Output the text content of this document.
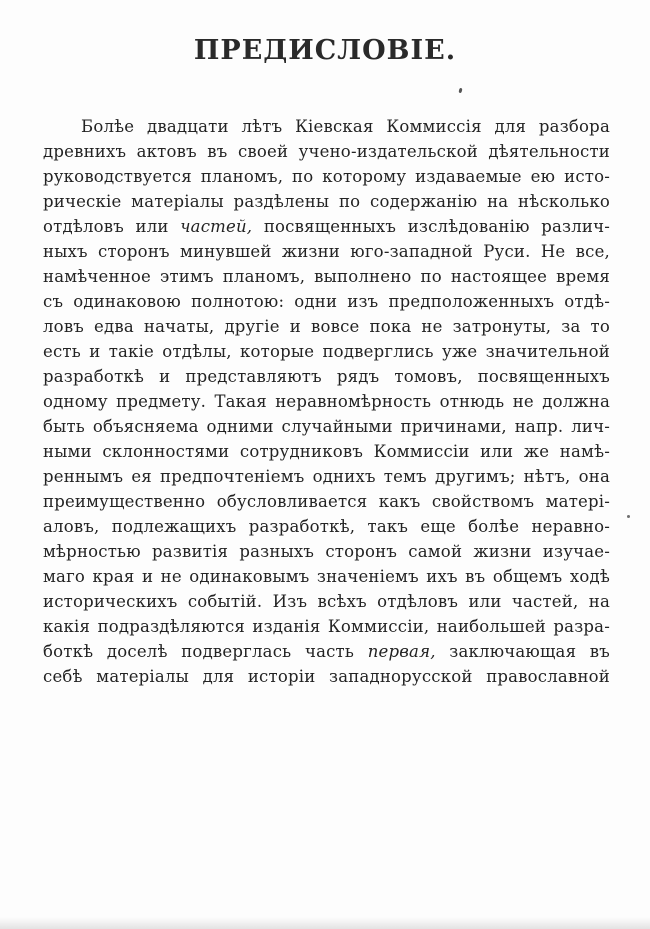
ПРЕДИСЛОВІЕ.
Болѣе двадцати лѣтъ Кіевская Коммиссія для разбора
древнихъ актовъ въ своей учено-издательской дѣятельности
руководствуется планомъ, по которому издаваемые ею исто-
рическіе матеріалы раздѣлены по содержанію на нѣсколько
отдѣловъ или частей, посвященныхъ изслѣдованію различ-
ныхъ сторонъ минувшей жизни юго-западной Руси. Не все,
намѣченное этимъ планомъ, выполнено по настоящее время
съ одинаковою полнотою: одни изъ предположенныхъ отдѣ-
ловъ едва начаты, другіе и вовсе пока не затронуты, за то
есть и такіе отдѣлы, которые подверглись уже значительной
разработкѣ и представляютъ рядъ томовъ, посвященныхъ
одному предмету. Такая неравномѣрность отнюдь не должна
быть объясняема одними случайными причинами, напр. лич-
ными склонностями сотрудниковъ Коммиссіи или же намѣ-
реннымъ ея предпочтеніемъ однихъ темъ другимъ; нѣтъ, она
преимущественно обусловливается какъ свойствомъ матері-
аловъ, подлежащихъ разработкѣ, такъ еще болѣе неравно-
мѣрностью развитія разныхъ сторонъ самой жизни изучае-
маго края и не одинаковымъ значеніемъ ихъ въ общемъ ходѣ
историческихъ событій. Изъ всѣхъ отдѣловъ или частей, на
какія подраздѣляются изданія Коммиссіи, наибольшей разра-
боткѣ доселѣ подверглась часть первая, заключающая въ
себѣ матеріалы для исторіи западнорусской православной
